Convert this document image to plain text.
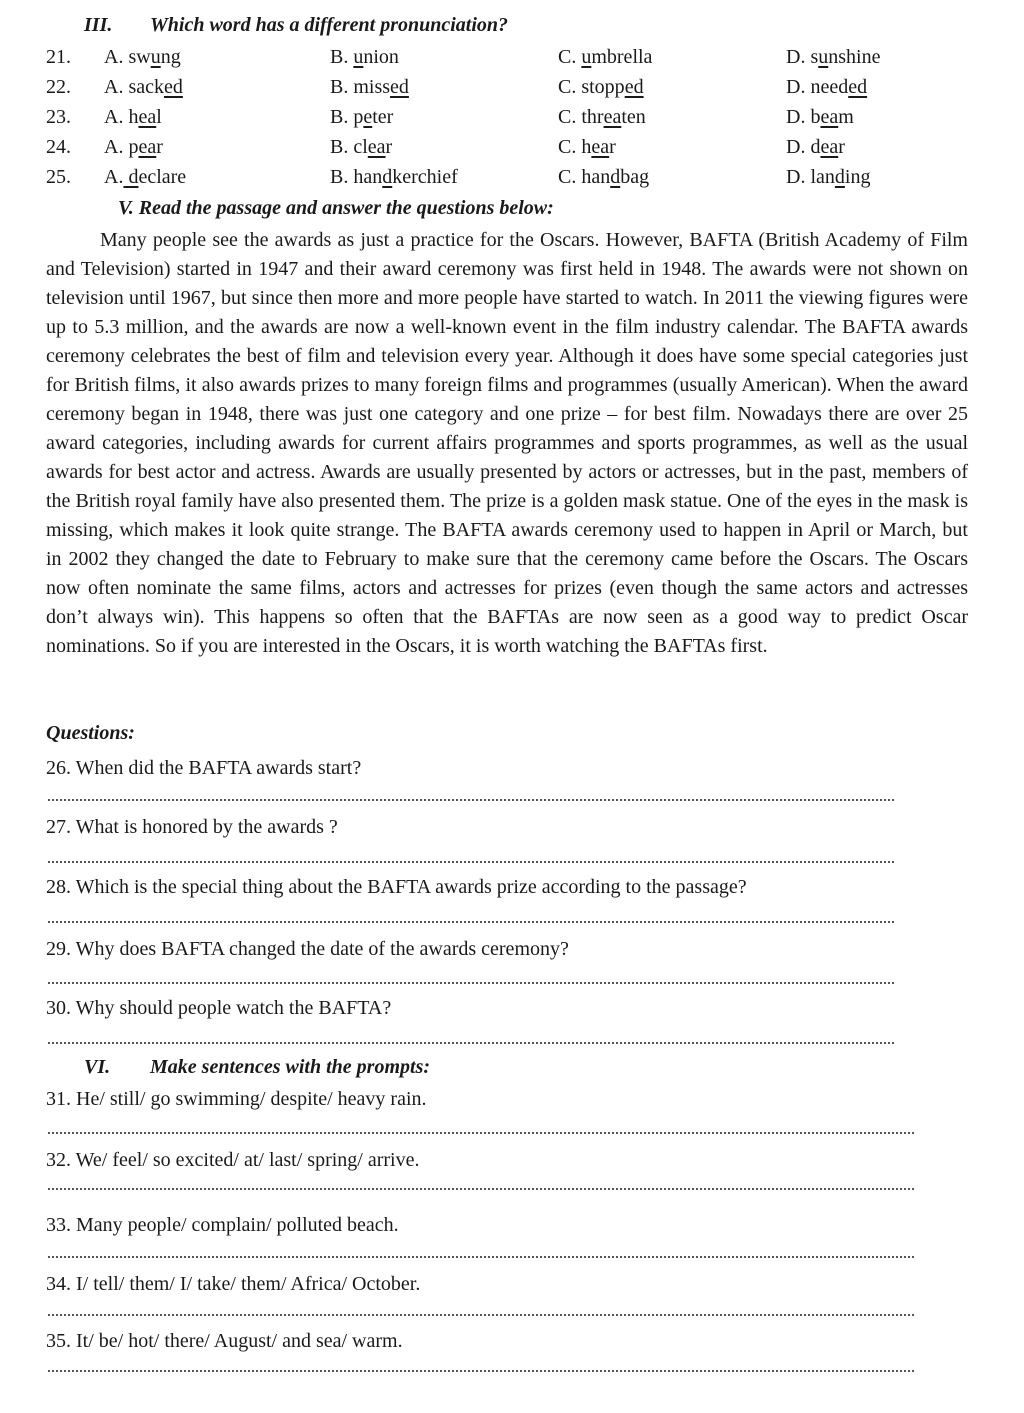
III. Which word has a different pronunciation?
21. A. swung	B. union	C. umbrella	D. sunshine
22. A. sacked	B. missed	C. stopped	D. needed
23. A. heal	B. peter	C. threaten	D. beam
24. A. pear	B. clear	C. hear	D. dear
25. A. declare	B. handkerchief	C. handbag	D. landing
V. Read the passage and answer the questions below:

Many people see the awards as just a practice for the Oscars. However, BAFTA (British Academy of Film and Television) started in 1947 and their award ceremony was first held in 1948. The awards were not shown on television until 1967, but since then more and more people have started to watch. In 2011 the viewing figures were up to 5.3 million, and the awards are now a well-known event in the film industry calendar. The BAFTA awards ceremony celebrates the best of film and television every year. Although it does have some special categories just for British films, it also awards prizes to many foreign films and programmes (usually American). When the award ceremony began in 1948, there was just one category and one prize – for best film. Nowadays there are over 25 award categories, including awards for current affairs programmes and sports programmes, as well as the usual awards for best actor and actress. Awards are usually presented by actors or actresses, but in the past, members of the British royal family have also presented them. The prize is a golden mask statue. One of the eyes in the mask is missing, which makes it look quite strange. The BAFTA awards ceremony used to happen in April or March, but in 2002 they changed the date to February to make sure that the ceremony came before the Oscars. The Oscars now often nominate the same films, actors and actresses for prizes (even though the same actors and actresses don’t always win). This happens so often that the BAFTAs are now seen as a good way to predict Oscar nominations. So if you are interested in the Oscars, it is worth watching the BAFTAs first.

Questions:
26. When did the BAFTA awards start?
27. What is honored by the awards ?
28. Which is the special thing about the BAFTA awards prize according to the passage?
29. Why does BAFTA changed the date of the awards ceremony?
30. Why should people watch the BAFTA?
VI. Make sentences with the prompts:
31. He/ still/ go swimming/ despite/ heavy rain.
32. We/ feel/ so excited/ at/ last/ spring/ arrive.
33. Many people/ complain/ polluted beach.
34. I/ tell/ them/ I/ take/ them/ Africa/ October.
35. It/ be/ hot/ there/ August/ and sea/ warm.
